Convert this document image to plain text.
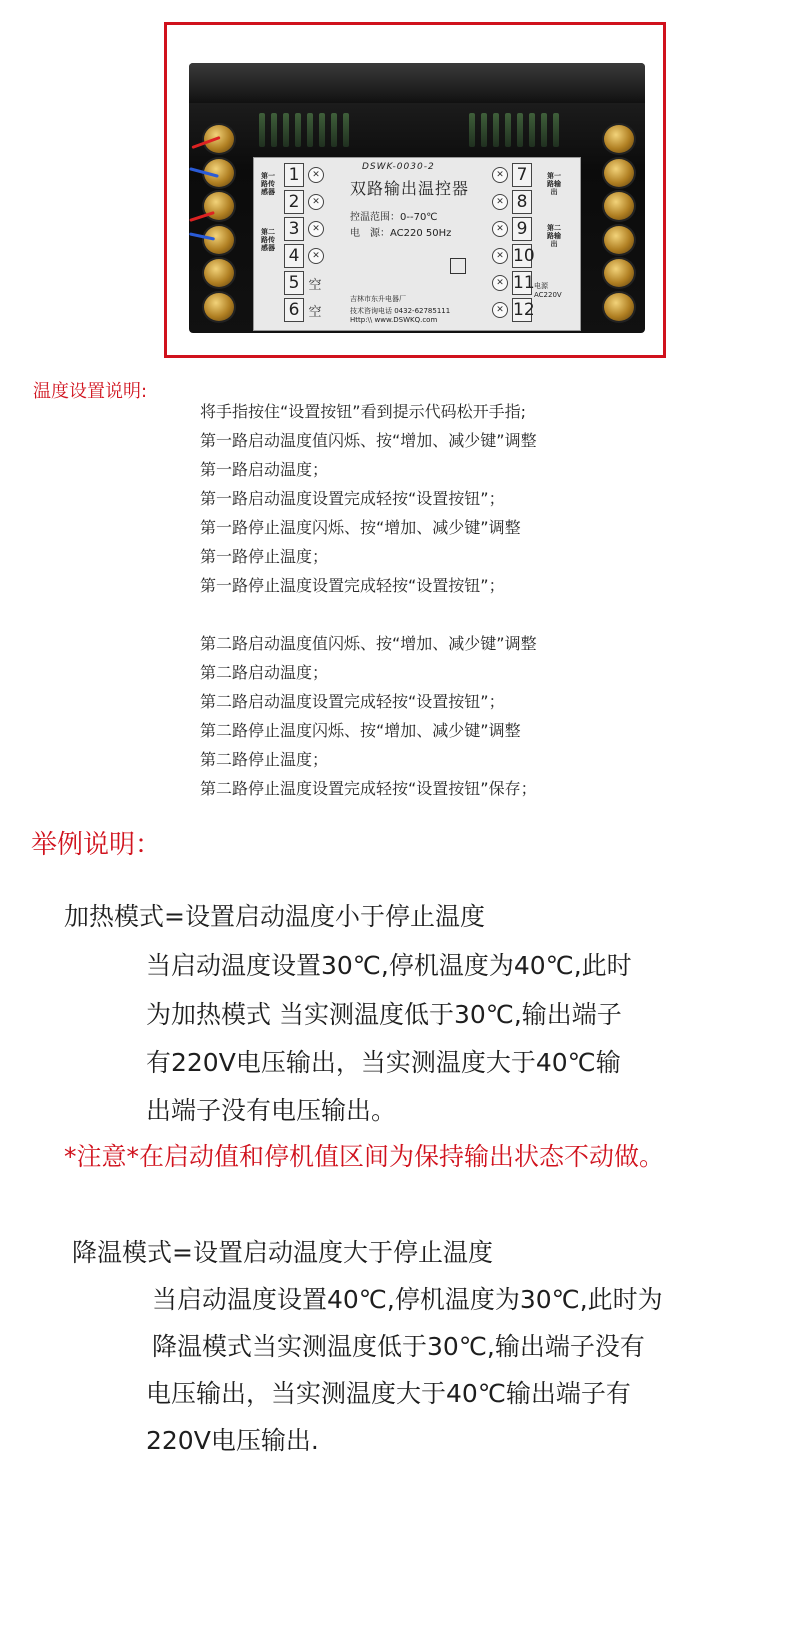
第一路传感器
第二路传感器
1	✕
2	✕
3	✕
4	✕
5 空
6 空
DSWK-0030-2
双路输出温控器
控温范围：0--70℃
电　源：AC220 50Hz
吉林市东升电器厂
技术咨询电话 0432-62785111
Http:\\ www.DSWKQ.com
✕ 7
✕ 8
✕ 9
✕ 10
✕ 11
✕ 12
第一路输出
第二路输出
电源
AC220V
温度设置说明:
将手指按住“设置按钮”看到提示代码松开手指;
第一路启动温度值闪烁、按“增加、减少键”调整
第一路启动温度；
第一路启动温度设置完成轻按“设置按钮”；
第一路停止温度闪烁、按“增加、减少键”调整
第一路停止温度；
第一路停止温度设置完成轻按“设置按钮”；
第二路启动温度值闪烁、按“增加、减少键”调整
第二路启动温度；
第二路启动温度设置完成轻按“设置按钮”；
第二路停止温度闪烁、按“增加、减少键”调整
第二路停止温度；
第二路停止温度设置完成轻按“设置按钮”保存；
举例说明：
加热模式=设置启动温度小于停止温度
当启动温度设置30℃,停机温度为40℃,此时
为加热模式 当实测温度低于30℃,输出端子
有220V电压输出，当实测温度大于40℃输
出端子没有电压输出。
*注意*在启动值和停机值区间为保持输出状态不动做。
降温模式=设置启动温度大于停止温度
当启动温度设置40℃,停机温度为30℃,此时为
降温模式当实测温度低于30℃,输出端子没有
电压输出，当实测温度大于40℃输出端子有
220V电压输出.
